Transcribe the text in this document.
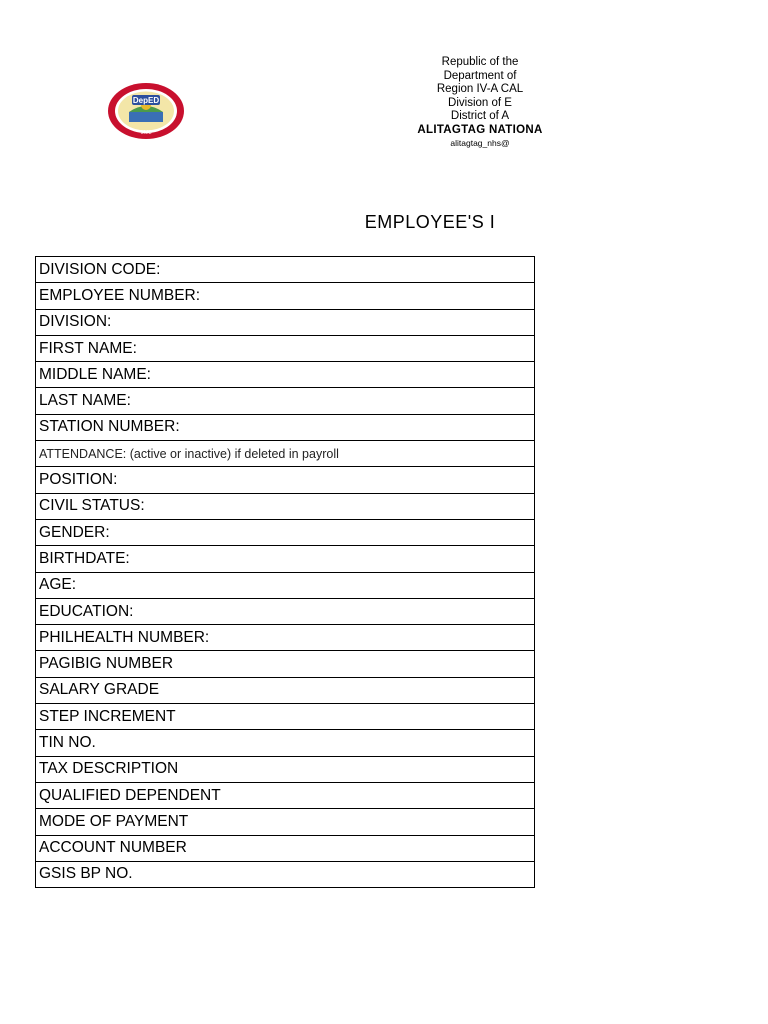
DepED
1923
Republic of the
Department of
Region IV-A CAL
Division of E
District of A
ALITAGTAG NATIONA
alitagtag_nhs@
EMPLOYEE'S I
DIVISION CODE:
EMPLOYEE NUMBER:
DIVISION:
FIRST NAME:
MIDDLE NAME:
LAST NAME:
STATION NUMBER:
ATTENDANCE: (active or inactive) if deleted in payroll
POSITION:
CIVIL STATUS:
GENDER:
BIRTHDATE:
AGE:
EDUCATION:
PHILHEALTH NUMBER:
PAGIBIG NUMBER
SALARY GRADE
STEP INCREMENT
TIN NO.
TAX DESCRIPTION
QUALIFIED DEPENDENT
MODE OF PAYMENT
ACCOUNT NUMBER
GSIS BP NO.
